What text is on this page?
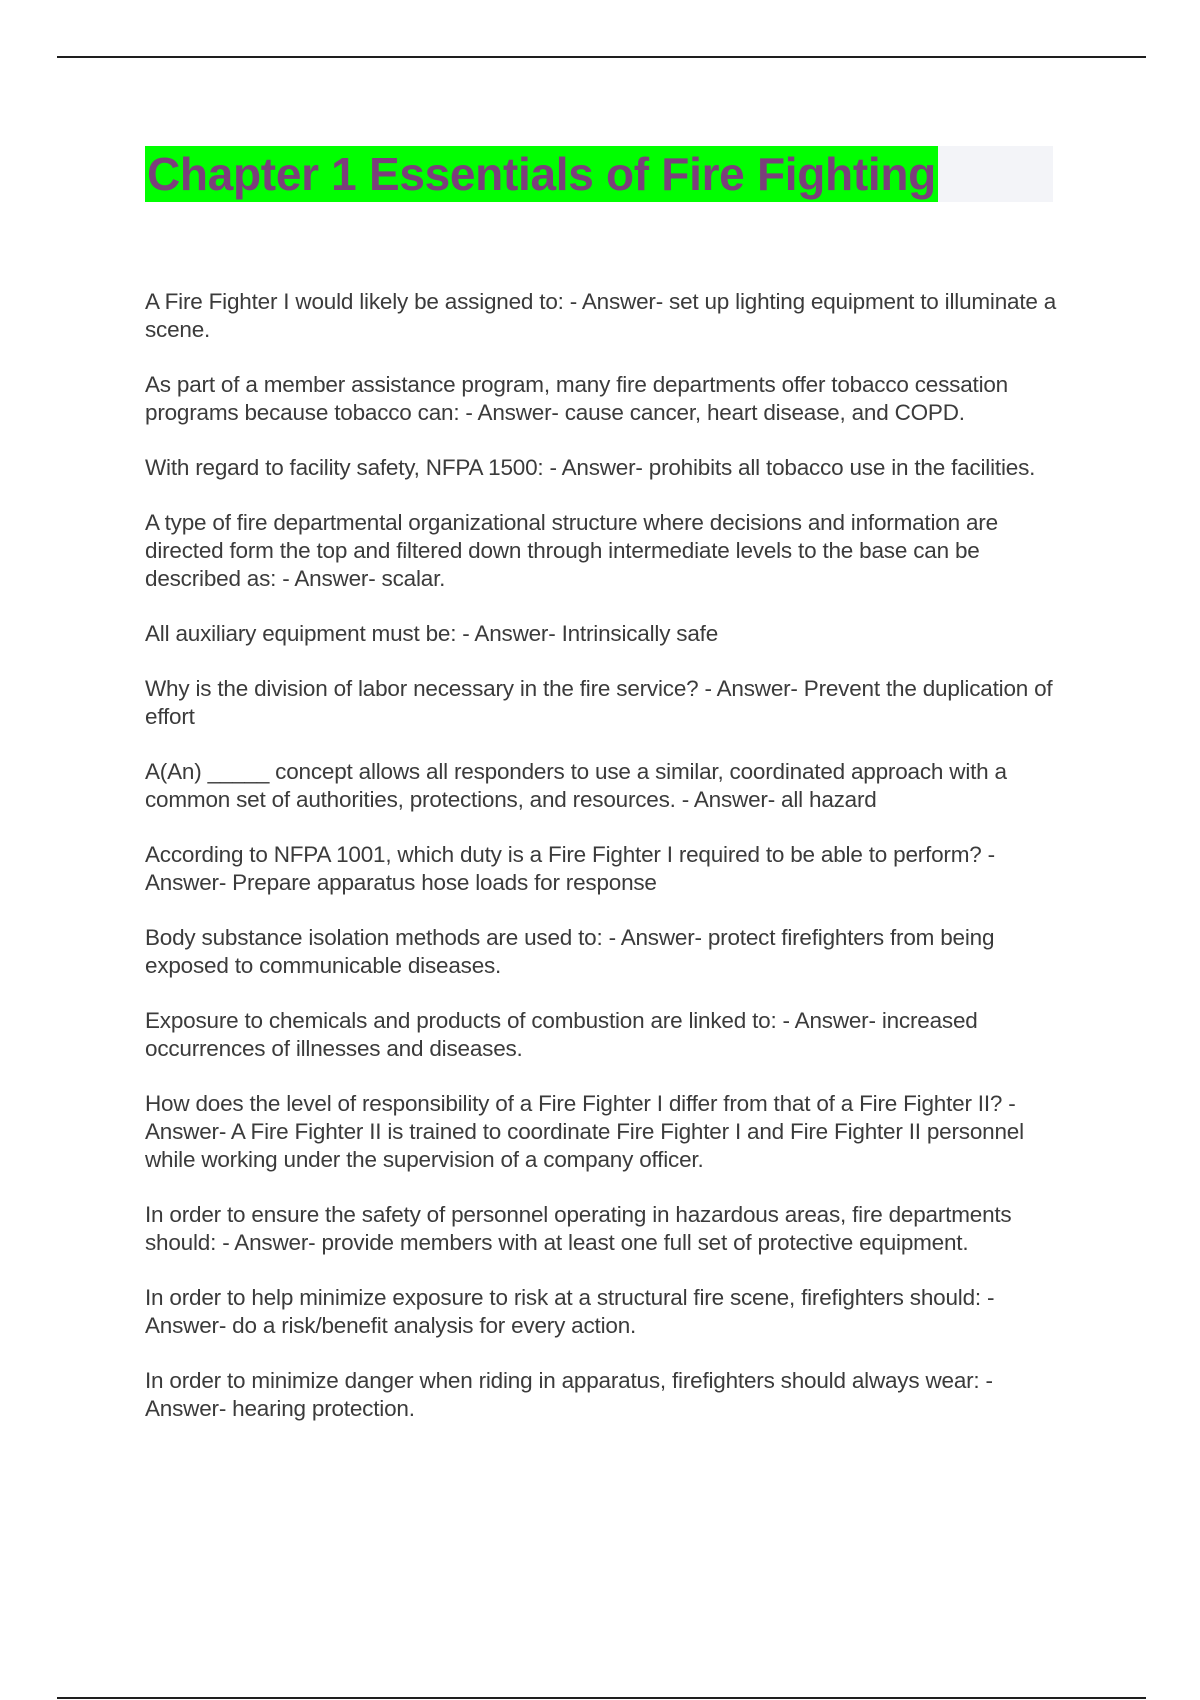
Chapter 1 Essentials of Fire Fighting

A Fire Fighter I would likely be assigned to: - Answer- set up lighting equipment to illuminate a scene.

As part of a member assistance program, many fire departments offer tobacco cessation programs because tobacco can: - Answer- cause cancer, heart disease, and COPD.

With regard to facility safety, NFPA 1500: - Answer- prohibits all tobacco use in the facilities.

A type of fire departmental organizational structure where decisions and information are directed form the top and filtered down through intermediate levels to the base can be described as: - Answer- scalar.

All auxiliary equipment must be: - Answer- Intrinsically safe

Why is the division of labor necessary in the fire service? - Answer- Prevent the duplication of effort

A(An) _____ concept allows all responders to use a similar, coordinated approach with a common set of authorities, protections, and resources. - Answer- all hazard

According to NFPA 1001, which duty is a Fire Fighter I required to be able to perform? - Answer- Prepare apparatus hose loads for response

Body substance isolation methods are used to: - Answer- protect firefighters from being exposed to communicable diseases.

Exposure to chemicals and products of combustion are linked to: - Answer- increased occurrences of illnesses and diseases.

How does the level of responsibility of a Fire Fighter I differ from that of a Fire Fighter II? - Answer- A Fire Fighter II is trained to coordinate Fire Fighter I and Fire Fighter II personnel while working under the supervision of a company officer.

In order to ensure the safety of personnel operating in hazardous areas, fire departments should: - Answer- provide members with at least one full set of protective equipment.

In order to help minimize exposure to risk at a structural fire scene, firefighters should: - Answer- do a risk/benefit analysis for every action.

In order to minimize danger when riding in apparatus, firefighters should always wear: - Answer- hearing protection.
